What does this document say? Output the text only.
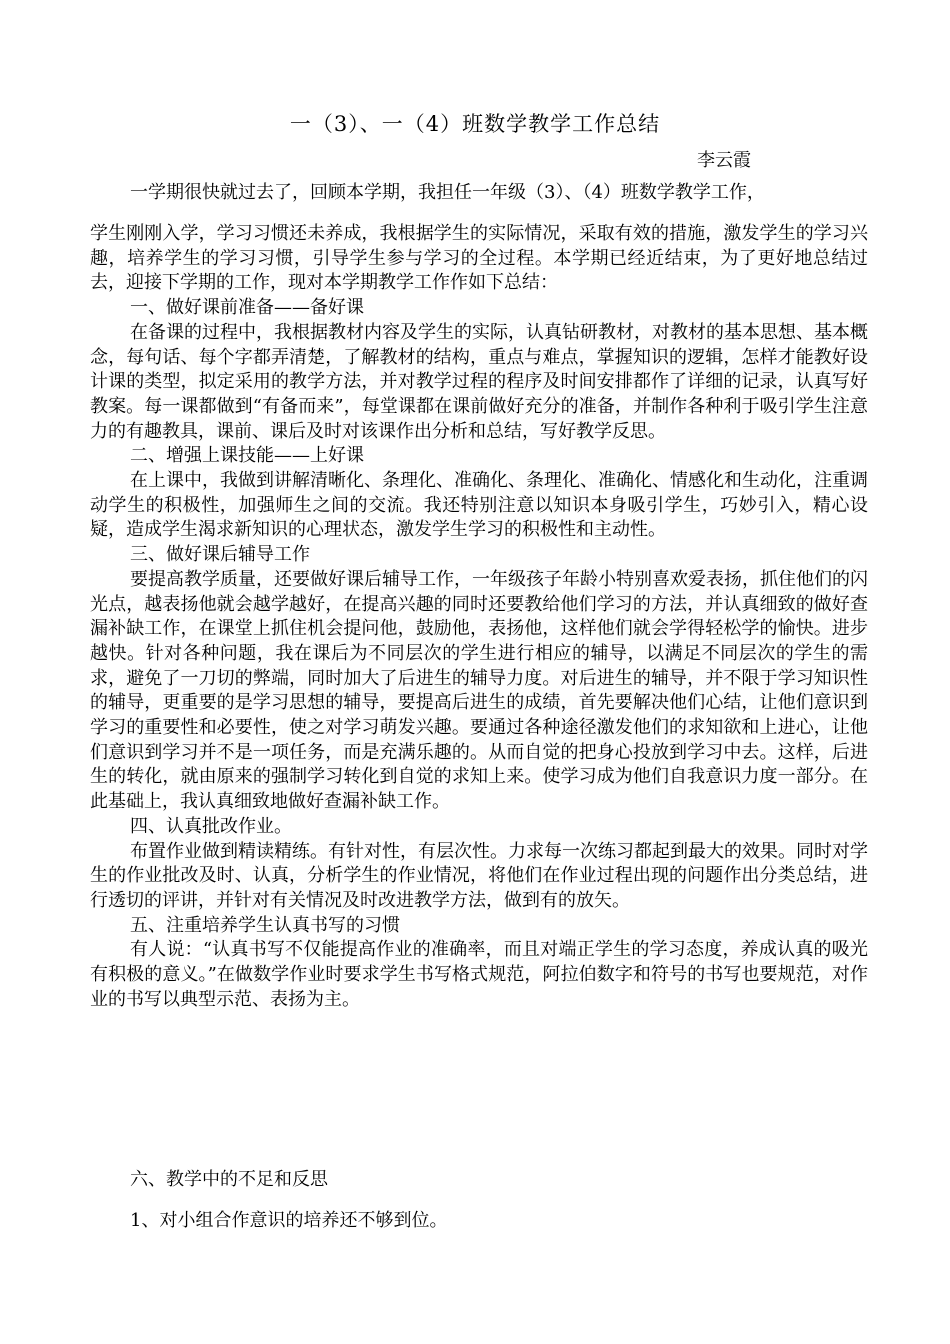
一（3）、一（4）班数学教学工作总结
李云霞
一学期很快就过去了，回顾本学期，我担任一年级（3）、（4）班数学教学工作，

学生刚刚入学，学习习惯还未养成，我根据学生的实际情况，采取有效的措施，激发学生的学习兴趣，培养学生的学习习惯，引导学生参与学习的全过程。本学期已经近结束，为了更好地总结过去，迎接下学期的工作，现对本学期教学工作作如下总结：

一、做好课前准备——备好课

在备课的过程中，我根据教材内容及学生的实际，认真钻研教材，对教材的基本思想、基本概念，每句话、每个字都弄清楚，了解教材的结构，重点与难点，掌握知识的逻辑，怎样才能教好设计课的类型，拟定采用的教学方法，并对教学过程的程序及时间安排都作了详细的记录，认真写好教案。每一课都做到“有备而来”，每堂课都在课前做好充分的准备，并制作各种利于吸引学生注意力的有趣教具，课前、课后及时对该课作出分析和总结，写好教学反思。

二、增强上课技能——上好课

在上课中，我做到讲解清晰化、条理化、准确化、条理化、准确化、情感化和生动化，注重调动学生的积极性，加强师生之间的交流。我还特别注意以知识本身吸引学生，巧妙引入，精心设疑，造成学生渴求新知识的心理状态，激发学生学习的积极性和主动性。

三、做好课后辅导工作

要提高教学质量，还要做好课后辅导工作，一年级孩子年龄小特别喜欢爱表扬，抓住他们的闪光点，越表扬他就会越学越好，在提高兴趣的同时还要教给他们学习的方法，并认真细致的做好查漏补缺工作，在课堂上抓住机会提问他，鼓励他，表扬他，这样他们就会学得轻松学的愉快。进步越快。针对各种问题，我在课后为不同层次的学生进行相应的辅导，以满足不同层次的学生的需求，避免了一刀切的弊端，同时加大了后进生的辅导力度。对后进生的辅导，并不限于学习知识性的辅导，更重要的是学习思想的辅导，要提高后进生的成绩，首先要解决他们心结，让他们意识到学习的重要性和必要性，使之对学习萌发兴趣。要通过各种途径激发他们的求知欲和上进心，让他们意识到学习并不是一项任务，而是充满乐趣的。从而自觉的把身心投放到学习中去。这样，后进生的转化，就由原来的强制学习转化到自觉的求知上来。使学习成为他们自我意识力度一部分。在此基础上，我认真细致地做好查漏补缺工作。

四、认真批改作业。

布置作业做到精读精练。有针对性，有层次性。力求每一次练习都起到最大的效果。同时对学生的作业批改及时、认真，分析学生的作业情况，将他们在作业过程出现的问题作出分类总结，进行透切的评讲，并针对有关情况及时改进教学方法，做到有的放矢。

五、注重培养学生认真书写的习惯

有人说：“认真书写不仅能提高作业的准确率，而且对端正学生的学习态度，养成认真的吸光有积极的意义。”在做数学作业时要求学生书写格式规范，阿拉伯数字和符号的书写也要规范，对作业的书写以典型示范、表扬为主。

六、教学中的不足和反思
1、对小组合作意识的培养还不够到位。
